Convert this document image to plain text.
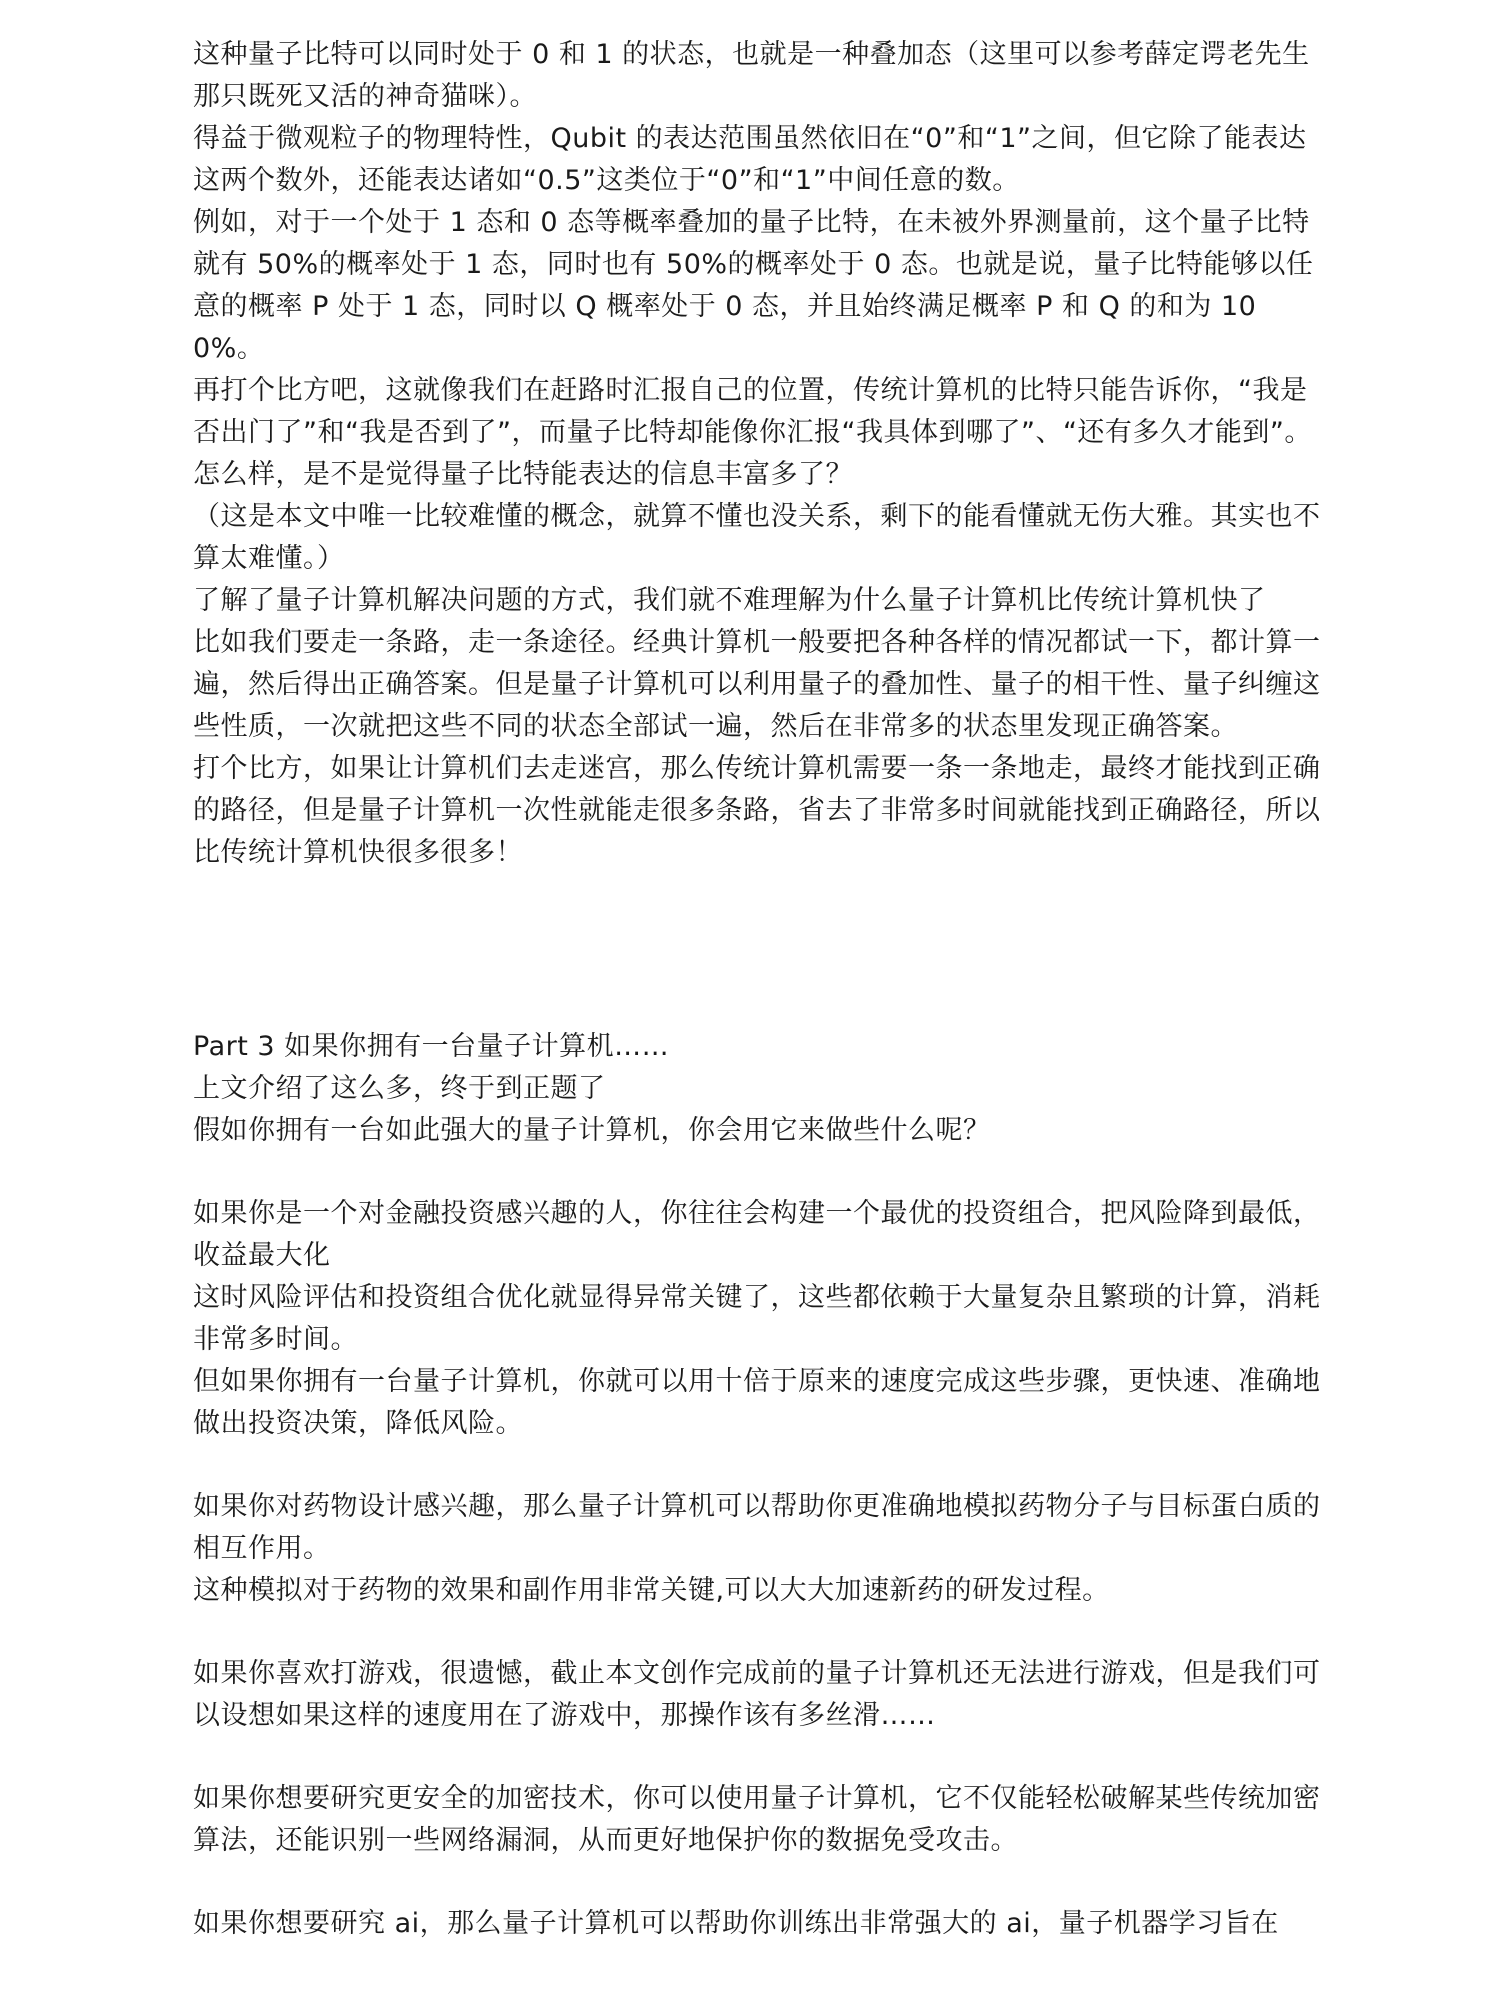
这种量子比特可以同时处于 0 和 1 的状态，也就是一种叠加态（这里可以参考薛定谔老先生那只既死又活的神奇猫咪）。

得益于微观粒子的物理特性，Qubit 的表达范围虽然依旧在“0”和“1”之间，但它除了能表达这两个数外，还能表达诸如“0.5”这类位于“0”和“1”中间任意的数。

例如，对于一个处于 1 态和 0 态等概率叠加的量子比特，在未被外界测量前，这个量子比特就有 50%的概率处于 1 态，同时也有 50%的概率处于 0 态。也就是说，量子比特能够以任意的概率 P 处于 1 态，同时以 Q 概率处于 0 态，并且始终满足概率 P 和 Q 的和为 100%。

再打个比方吧，这就像我们在赶路时汇报自己的位置，传统计算机的比特只能告诉你，“我是否出门了”和“我是否到了”，而量子比特却能像你汇报“我具体到哪了”、“还有多久才能到”。

怎么样，是不是觉得量子比特能表达的信息丰富多了？

（这是本文中唯一比较难懂的概念，就算不懂也没关系，剩下的能看懂就无伤大雅。其实也不算太难懂。）

了解了量子计算机解决问题的方式，我们就不难理解为什么量子计算机比传统计算机快了

比如我们要走一条路，走一条途径。经典计算机一般要把各种各样的情况都试一下，都计算一遍，然后得出正确答案。但是量子计算机可以利用量子的叠加性、量子的相干性、量子纠缠这些性质，一次就把这些不同的状态全部试一遍，然后在非常多的状态里发现正确答案。

打个比方，如果让计算机们去走迷宫，那么传统计算机需要一条一条地走，最终才能找到正确的路径，但是量子计算机一次性就能走很多条路，省去了非常多时间就能找到正确路径，所以比传统计算机快很多很多！

Part 3 如果你拥有一台量子计算机……

上文介绍了这么多，终于到正题了

假如你拥有一台如此强大的量子计算机，你会用它来做些什么呢？

如果你是一个对金融投资感兴趣的人，你往往会构建一个最优的投资组合，把风险降到最低，收益最大化

这时风险评估和投资组合优化就显得异常关键了，这些都依赖于大量复杂且繁琐的计算，消耗非常多时间。

但如果你拥有一台量子计算机，你就可以用十倍于原来的速度完成这些步骤，更快速、准确地做出投资决策，降低风险。

如果你对药物设计感兴趣，那么量子计算机可以帮助你更准确地模拟药物分子与目标蛋白质的相互作用。

这种模拟对于药物的效果和副作用非常关键,可以大大加速新药的研发过程。

如果你喜欢打游戏，很遗憾，截止本文创作完成前的量子计算机还无法进行游戏，但是我们可以设想如果这样的速度用在了游戏中，那操作该有多丝滑……

如果你想要研究更安全的加密技术，你可以使用量子计算机，它不仅能轻松破解某些传统加密算法，还能识别一些网络漏洞，从而更好地保护你的数据免受攻击。

如果你想要研究 ai，那么量子计算机可以帮助你训练出非常强大的 ai，量子机器学习旨在
